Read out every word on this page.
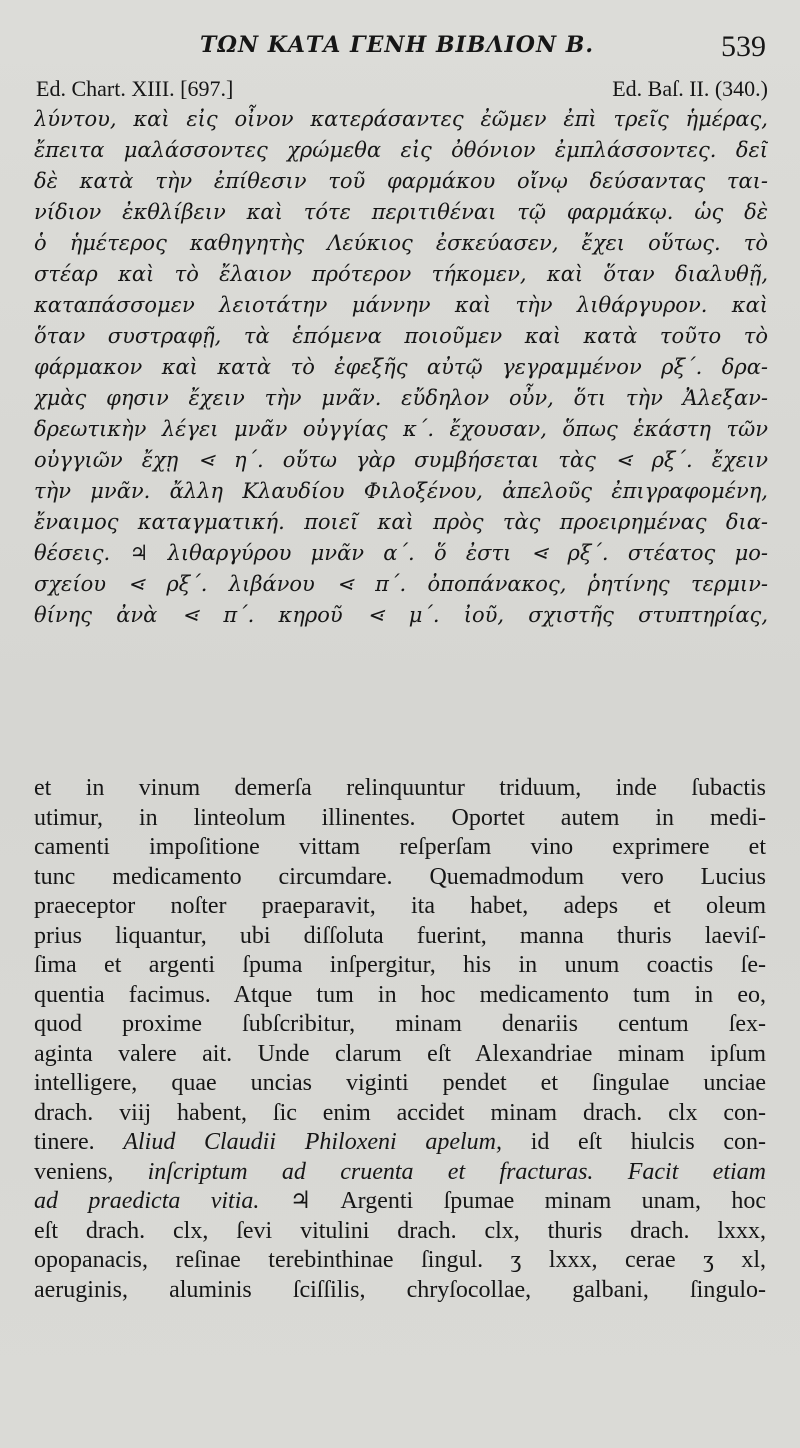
ΤΩΝ ΚΑΤΑ ΓΕΝΗ ΒΙΒΛΙΟΝ Β.	539
Ed. Chart. XIII. [697.]	Ed. Baſ. II. (340.)
λύντου, καὶ εἰς οἶνον κατεράσαντες ἐῶμεν ἐπὶ τρεῖς ἡμέρας,
ἔπειτα μαλάσσοντες χρώμεθα εἰς ὀθόνιον ἐμπλάσσοντες. δεῖ
δὲ κατὰ τὴν ἐπίθεσιν τοῦ φαρμάκου οἴνῳ δεύσαντας ται-
νίδιον ἐκθλίβειν καὶ τότε περιτιθέναι τῷ φαρμάκῳ. ὡς δὲ
ὁ ἡμέτερος καθηγητὴς Λεύκιος ἐσκεύασεν, ἔχει οὕτως. τὸ
στέαρ καὶ τὸ ἔλαιον πρότερον τήκομεν, καὶ ὅταν διαλυθῇ,
καταπάσσομεν λειοτάτην μάννην καὶ τὴν λιθάργυρον. καὶ
ὅταν συστραφῇ, τὰ ἑπόμενα ποιοῦμεν καὶ κατὰ τοῦτο τὸ
φάρμακον καὶ κατὰ τὸ ἐφεξῆς αὐτῷ γεγραμμένον ρξ΄. δρα-
χμὰς φησιν ἔχειν τὴν μνᾶν. εὔδηλον οὖν, ὅτι τὴν Ἀλεξαν-
δρεωτικὴν λέγει μνᾶν οὐγγίας κ΄. ἔχουσαν, ὅπως ἑκάστη τῶν
οὐγγιῶν ἔχῃ ⋖ η΄. οὕτω γὰρ συμβήσεται τὰς ⋖ ρξ΄. ἔχειν
τὴν μνᾶν. ἄλλη Κλαυδίου Φιλοξένου, ἀπελοῦς ἐπιγραφομένη,
ἔναιμος καταγματική. ποιεῖ καὶ πρὸς τὰς προειρημένας δια-
θέσεις. ♃ λιθαργύρου μνᾶν α΄. ὅ ἐστι ⋖ ρξ΄. στέατος μο-
σχείου ⋖ ρξ΄. λιβάνου ⋖ π΄. ὀποπάνακος, ῥητίνης τερμιν-
θίνης ἀνὰ ⋖ π΄. κηροῦ ⋖ μ΄. ἰοῦ, σχιστῆς στυπτηρίας,
et in vinum demerſa relinquuntur triduum, inde ſubactis
utimur, in linteolum illinentes. Oportet autem in medi-
camenti impoſitione vittam reſperſam vino exprimere et
tunc medicamento circumdare. Quemadmodum vero Lucius
praeceptor noſter praeparavit, ita habet, adeps et oleum
prius liquantur, ubi diſſoluta fuerint, manna thuris laeviſ-
ſima et argenti ſpuma inſpergitur, his in unum coactis ſe-
quentia facimus. Atque tum in hoc medicamento tum in eo,
quod proxime ſubſcribitur, minam denariis centum ſex-
aginta valere ait. Unde clarum eſt Alexandriae minam ipſum
intelligere, quae uncias viginti pendet et ſingulae unciae
drach. viij habent, ſic enim accidet minam drach. clx con-
tinere. Aliud Claudii Philoxeni apelum, id eſt hiulcis con-
veniens, inſcriptum ad cruenta et fracturas. Facit etiam
ad praedicta vitia. ♃ Argenti ſpumae minam unam, hoc
eſt drach. clx, ſevi vitulini drach. clx, thuris drach. lxxx,
opopanacis, reſinae terebinthinae ſingul. ʒ lxxx, cerae ʒ xl,
aeruginis, aluminis ſciſſilis, chryſocollae, galbani, ſingulo-
